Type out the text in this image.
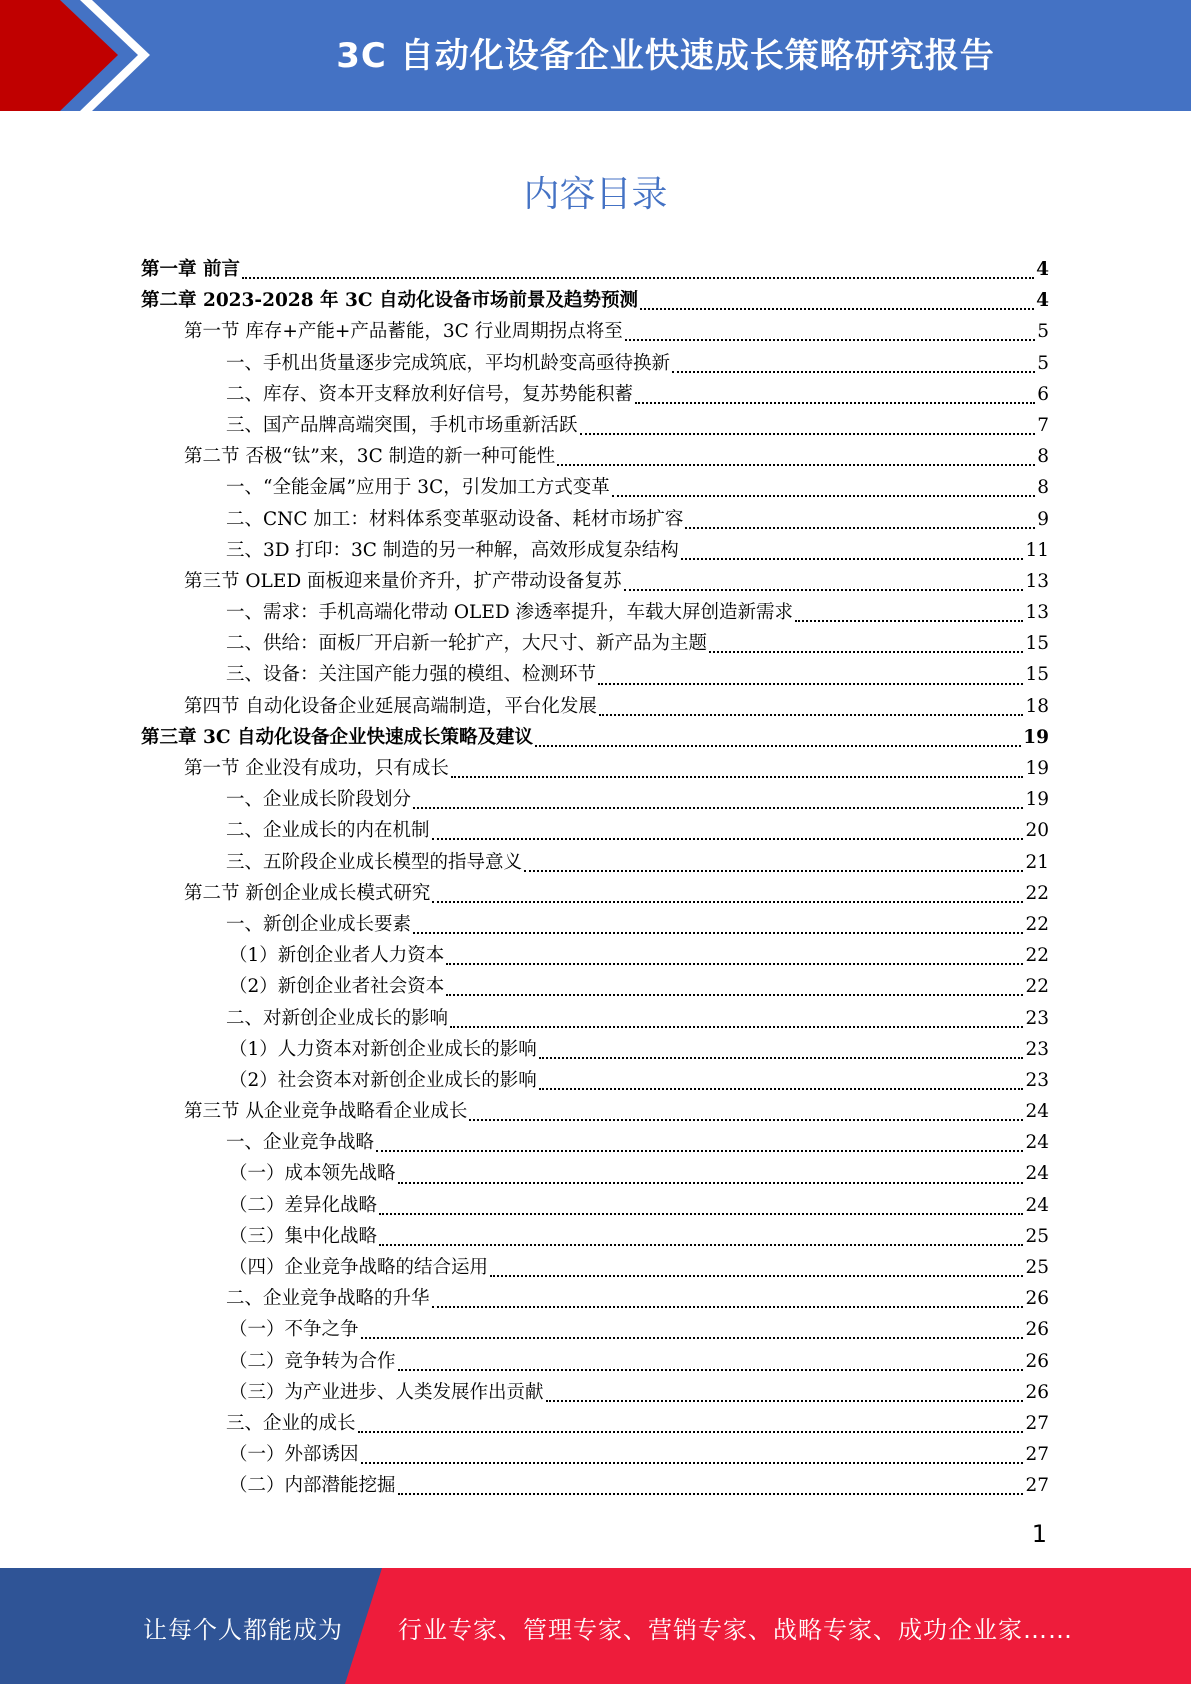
3C 自动化设备企业快速成长策略研究报告
内容目录
第一章 前言	4
第二章 2023-2028 年 3C 自动化设备市场前景及趋势预测	4
第一节 库存+产能+产品蓄能，3C 行业周期拐点将至	5
一、手机出货量逐步完成筑底，平均机龄变高亟待换新	5
二、库存、资本开支释放利好信号，复苏势能积蓄	6
三、国产品牌高端突围，手机市场重新活跃	7
第二节 否极“钛”来，3C 制造的新一种可能性	8
一、“全能金属”应用于 3C，引发加工方式变革	8
二、CNC 加工：材料体系变革驱动设备、耗材市场扩容	9
三、3D 打印：3C 制造的另一种解，高效形成复杂结构	11
第三节 OLED 面板迎来量价齐升，扩产带动设备复苏	13
一、需求：手机高端化带动 OLED 渗透率提升，车载大屏创造新需求	13
二、供给：面板厂开启新一轮扩产，大尺寸、新产品为主题	15
三、设备：关注国产能力强的模组、检测环节	15
第四节 自动化设备企业延展高端制造，平台化发展	18
第三章 3C 自动化设备企业快速成长策略及建议	19
第一节 企业没有成功，只有成长	19
一、企业成长阶段划分	19
二、企业成长的内在机制	20
三、五阶段企业成长模型的指导意义	21
第二节 新创企业成长模式研究	22
一、新创企业成长要素	22
（1）新创企业者人力资本	22
（2）新创企业者社会资本	22
二、对新创企业成长的影响	23
（1）人力资本对新创企业成长的影响	23
（2）社会资本对新创企业成长的影响	23
第三节 从企业竞争战略看企业成长	24
一、企业竞争战略	24
（一）成本领先战略	24
（二）差异化战略	24
（三）集中化战略	25
（四）企业竞争战略的结合运用	25
二、企业竞争战略的升华	26
（一）不争之争	26
（二）竞争转为合作	26
（三）为产业进步、人类发展作出贡献	26
三、企业的成长	27
（一）外部诱因	27
（二）内部潜能挖掘	27
1
让每个人都能成为 行业专家、管理专家、营销专家、战略专家、成功企业家……
